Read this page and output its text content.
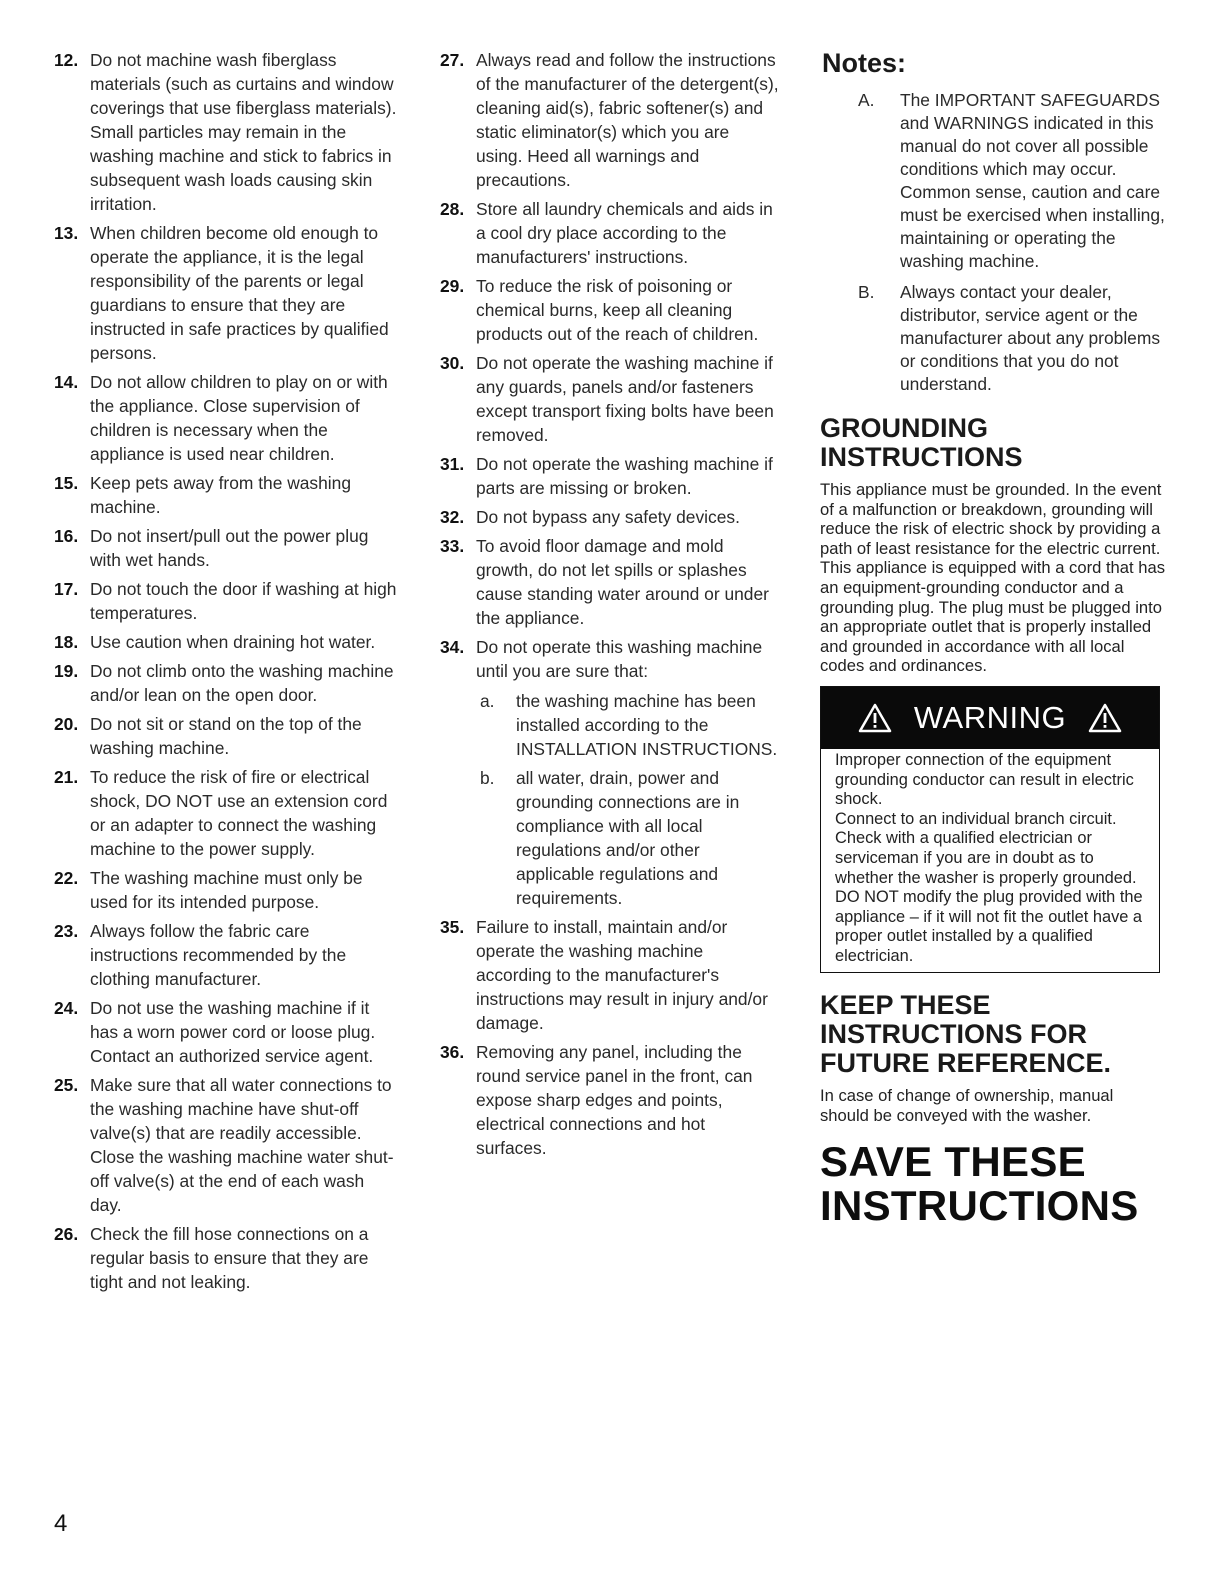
12. Do not machine wash fiberglass materials (such as curtains and window coverings that use fiberglass materials). Small particles may remain in the washing machine and stick to fabrics in subsequent wash loads causing skin irritation.
13. When children become old enough to operate the appliance, it is the legal responsibility of the parents or legal guardians to ensure that they are instructed in safe practices by qualified persons.
14. Do not allow children to play on or with the appliance. Close supervision of children is necessary when the appliance is used near children.
15. Keep pets away from the washing machine.
16. Do not insert/pull out the power plug with wet hands.
17. Do not touch the door if washing at high temperatures.
18. Use caution when draining hot water.
19. Do not climb onto the washing machine and/or lean on the open door.
20. Do not sit or stand on the top of the washing machine.
21. To reduce the risk of fire or electrical shock, DO NOT use an extension cord or an adapter to connect the washing machine to the power supply.
22. The washing machine must only be used for its intended purpose.
23. Always follow the fabric care instructions recommended by the clothing manufacturer.
24. Do not use the washing machine if it has a worn power cord or loose plug. Contact an authorized service agent.
25. Make sure that all water connections to the washing machine have shut-off valve(s) that are readily accessible. Close the washing machine water shut-off valve(s) at the end of each wash day.
26. Check the fill hose connections on a regular basis to ensure that they are tight and not leaking.
27. Always read and follow the instructions of the manufacturer of the detergent(s), cleaning aid(s), fabric softener(s) and static eliminator(s) which you are using. Heed all warnings and precautions.
28. Store all laundry chemicals and aids in a cool dry place according to the manufacturers' instructions.
29. To reduce the risk of poisoning or chemical burns, keep all cleaning products out of the reach of children.
30. Do not operate the washing machine if any guards, panels and/or fasteners except transport fixing bolts have been removed.
31. Do not operate the washing machine if parts are missing or broken.
32. Do not bypass any safety devices.
33. To avoid floor damage and mold growth, do not let spills or splashes cause standing water around or under the appliance.
34. Do not operate this washing machine until you are sure that:
a. the washing machine has been installed according to the INSTALLATION INSTRUCTIONS.
b. all water, drain, power and grounding connections are in compliance with all local regulations and/or other applicable regulations and requirements.
35. Failure to install, maintain and/or operate the washing machine according to the manufacturer's instructions may result in injury and/or damage.
36. Removing any panel, including the round service panel in the front, can expose sharp edges and points, electrical connections and hot surfaces.
Notes:
A. The IMPORTANT SAFEGUARDS and WARNINGS indicated in this manual do not cover all possible conditions which may occur. Common sense, caution and care must be exercised when installing, maintaining or operating the washing machine.
B. Always contact your dealer, distributor, service agent or the manufacturer about any problems or conditions that you do not understand.
GROUNDING
INSTRUCTIONS

This appliance must be grounded. In the event of a malfunction or breakdown, grounding will reduce the risk of electric shock by providing a path of least resistance for the electric current. This appliance is equipped with a cord that has an equipment-grounding conductor and a grounding plug. The plug must be plugged into an appropriate outlet that is properly installed and grounded in accordance with all local codes and ordinances.

WARNING

Improper connection of the equipment grounding conductor can result in electric shock.

Connect to an individual branch circuit.

Check with a qualified electrician or serviceman if you are in doubt as to whether the washer is properly grounded.

DO NOT modify the plug provided with the appliance – if it will not fit the outlet have a proper outlet installed by a qualified electrician.

KEEP THESE
INSTRUCTIONS FOR
FUTURE REFERENCE.

In case of change of ownership, manual should be conveyed with the washer.

SAVE THESE
INSTRUCTIONS
4
